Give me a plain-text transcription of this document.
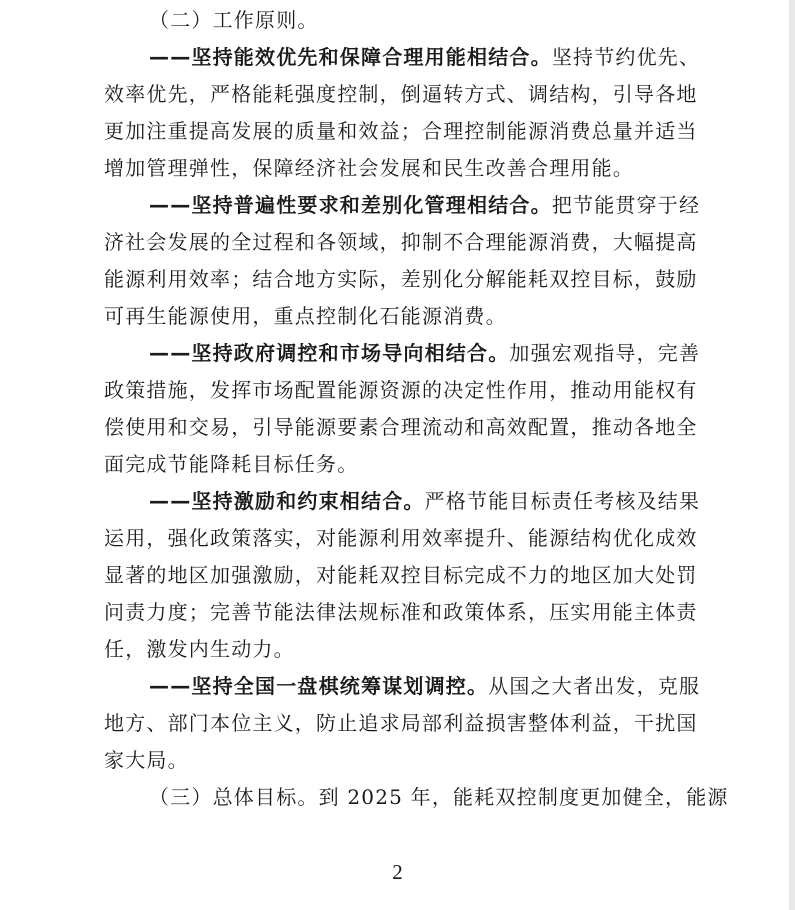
（二）工作原则。
——坚持能效优先和保障合理用能相结合。坚持节约优先、
效率优先，严格能耗强度控制，倒逼转方式、调结构，引导各地
更加注重提高发展的质量和效益；合理控制能源消费总量并适当
增加管理弹性，保障经济社会发展和民生改善合理用能。
——坚持普遍性要求和差别化管理相结合。把节能贯穿于经
济社会发展的全过程和各领域，抑制不合理能源消费，大幅提高
能源利用效率；结合地方实际，差别化分解能耗双控目标，鼓励
可再生能源使用，重点控制化石能源消费。
——坚持政府调控和市场导向相结合。加强宏观指导，完善
政策措施，发挥市场配置能源资源的决定性作用，推动用能权有
偿使用和交易，引导能源要素合理流动和高效配置，推动各地全
面完成节能降耗目标任务。
——坚持激励和约束相结合。严格节能目标责任考核及结果
运用，强化政策落实，对能源利用效率提升、能源结构优化成效
显著的地区加强激励，对能耗双控目标完成不力的地区加大处罚
问责力度；完善节能法律法规标准和政策体系，压实用能主体责
任，激发内生动力。
——坚持全国一盘棋统筹谋划调控。从国之大者出发，克服
地方、部门本位主义，防止追求局部利益损害整体利益，干扰国
家大局。
（三）总体目标。到 2025 年，能耗双控制度更加健全，能源
2
